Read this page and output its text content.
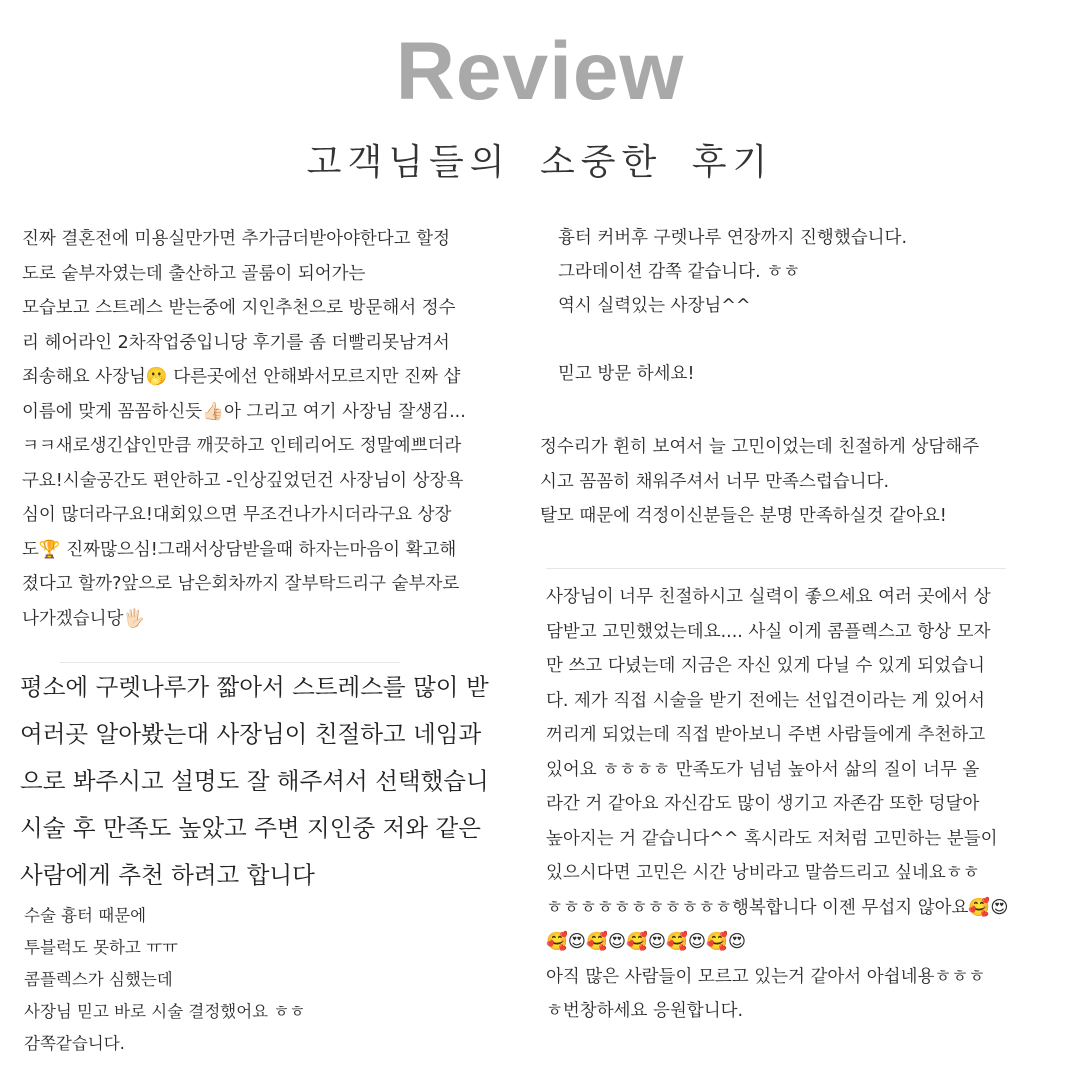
Review
고객님들의 소중한 후기
진짜 결혼전에 미용실만가면 추가금더받아야한다고 할정
도로 숱부자였는데 출산하고 골룸이 되어가는
모습보고 스트레스 받는중에 지인추천으로 방문해서 정수
리 헤어라인 2차작업중입니당 후기를 좀 더빨리못남겨서
죄송해요 사장님🫢 다른곳에선 안해봐서모르지만 진짜 샵
이름에 맞게 꼼꼼하신듯👍🏻아 그리고 여기 사장님 잘생김...
ㅋㅋ새로생긴샵인만큼 깨끗하고 인테리어도 정말예쁘더라
구요!시술공간도 편안하고 -인상깊었던건 사장님이 상장욕
심이 많더라구요!대회있으면 무조건나가시더라구요 상장
도🏆 진짜많으심!그래서상담받을때 하자는마음이 확고해
졌다고 할까?앞으로 남은회차까지 잘부탁드리구 숱부자로
나가겠습니당🖐🏻
평소에 구렛나루가 짧아서 스트레스를 많이 받
여러곳 알아봤는대 사장님이 친절하고 네임과
으로 봐주시고 설명도 잘 해주셔서 선택했습니
시술 후 만족도 높았고 주변 지인중 저와 같은
사람에게 추천 하려고 합니다
수술 흉터 때문에
투블럭도 못하고 ㅠㅠ
콤플렉스가 심했는데
사장님 믿고 바로 시술 결정했어요 ㅎㅎ
감쪽같습니다.
흉터 커버후 구렛나루 연장까지 진행했습니다.
그라데이션 감쪽 같습니다. ㅎㅎ
역시 실력있는 사장님^^

믿고 방문 하세요!
정수리가 휜히 보여서 늘 고민이었는데 친절하게 상담해주
시고 꼼꼼히 채워주셔서 너무 만족스럽습니다.
탈모 때문에 걱정이신분들은 분명 만족하실것 같아요!
사장님이 너무 친절하시고 실력이 좋으세요 여러 곳에서 상
담받고 고민했었는데요.... 사실 이게 콤플렉스고 항상 모자
만 쓰고 다녔는데 지금은 자신 있게 다닐 수 있게 되었습니
다. 제가 직접 시술을 받기 전에는 선입견이라는 게 있어서
꺼리게 되었는데 직접 받아보니 주변 사람들에게 추천하고
있어요 ㅎㅎㅎㅎ 만족도가 넘넘 높아서 삶의 질이 너무 올
라간 거 같아요 자신감도 많이 생기고 자존감 또한 덩달아
높아지는 거 같습니다^^ 혹시라도 저처럼 고민하는 분들이
있으시다면 고민은 시간 낭비라고 말씀드리고 싶네요ㅎㅎ
ㅎㅎㅎㅎㅎㅎㅎㅎㅎㅎㅎ행복합니다 이젠 무섭지 않아요🥰😍
🥰😍🥰😍🥰😍🥰😍🥰😍
아직 많은 사람들이 모르고 있는거 같아서 아쉽네용ㅎㅎㅎ
ㅎ번창하세요 응원합니다.
